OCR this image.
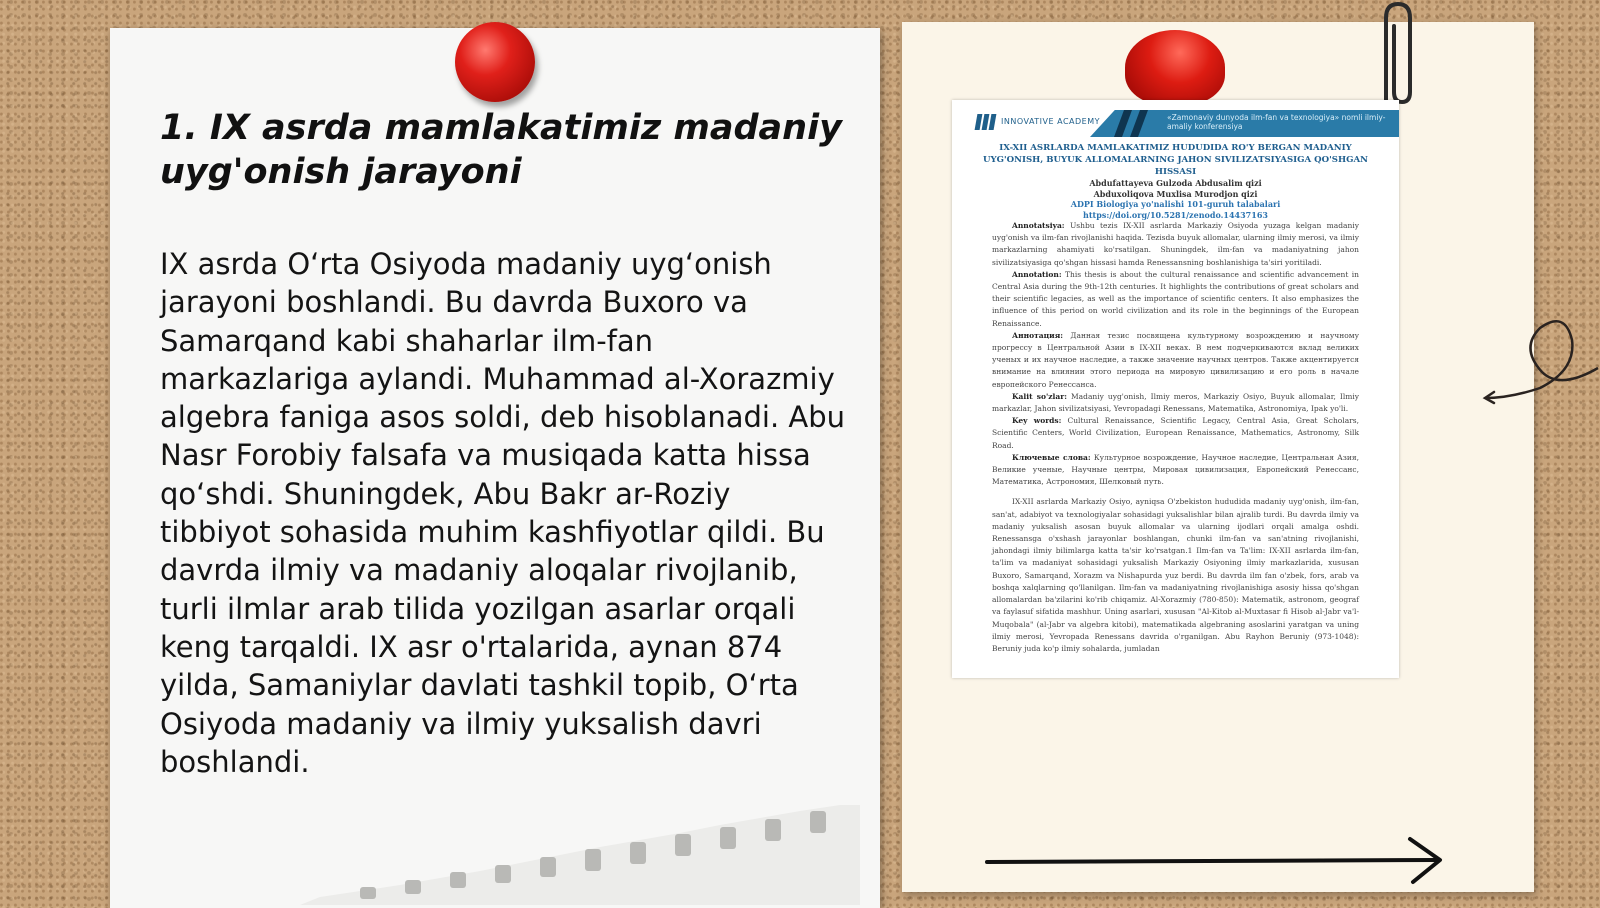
1. IX asrda mamlakatimiz madaniy uyg'onish jarayoni

IX asrda O‘rta Osiyoda madaniy uyg‘onish jarayoni boshlandi. Bu davrda Buxoro va Samarqand kabi shaharlar ilm-fan markazlariga aylandi. Muhammad al-Xorazmiy algebra faniga asos soldi, deb hisoblanadi. Abu Nasr Forobiy falsafa va musiqada katta hissa qo‘shdi. Shuningdek, Abu Bakr ar-Roziy tibbiyot sohasida muhim kashfiyotlar qildi. Bu davrda ilmiy va madaniy aloqalar rivojlanib, turli ilmlar arab tilida yozilgan asarlar orqali keng tarqaldi. IX asr o'rtalarida, aynan 874 yilda, Samaniylar davlati tashkil topib, O‘rta Osiyoda madaniy va ilmiy yuksalish davri boshlandi.

INNOVATIVE ACADEMY	«Zamonaviy dunyoda ilm-fan va texnologiya» nomli ilmiy-amaliy konferensiya
IX-XII ASRLARDA MAMLAKATIMIZ HUDUDIDA RO'Y BERGAN MADANIY UYG'ONISH, BUYUK ALLOMALARNING JAHON SIVILIZATSIYASIGA QO'SHGAN HISSASI
Abdufattayeva Gulzoda Abdusalim qizi
Abduxoliqova Muxlisa Murodjon qizi
ADPI Biologiya yo'nalishi 101-guruh talabalari
https://doi.org/10.5281/zenodo.14437163

Annotatsiya: Ushbu tezis IX-XII asrlarda Markaziy Osiyoda yuzaga kelgan madaniy uyg'onish va ilm-fan rivojlanishi haqida. Tezisda buyuk allomalar, ularning ilmiy merosi, va ilmiy markazlarning ahamiyati ko'rsatilgan. Shuningdek, ilm-fan va madaniyatning jahon sivilizatsiyasiga qo'shgan hissasi hamda Renessansning boshlanishiga ta'siri yoritiladi.

Annotation: This thesis is about the cultural renaissance and scientific advancement in Central Asia during the 9th-12th centuries. It highlights the contributions of great scholars and their scientific legacies, as well as the importance of scientific centers. It also emphasizes the influence of this period on world civilization and its role in the beginnings of the European Renaissance.

Аннотация: Данная тезис посвящена культурному возрождению и научному прогрессу в Центральной Азии в IX-XII веках. В нем подчеркиваются вклад великих ученых и их научное наследие, а также значение научных центров. Также акцентируется внимание на влиянии этого периода на мировую цивилизацию и его роль в начале европейского Ренессанса.

Kalit so'zlar: Madaniy uyg'onish, Ilmiy meros, Markaziy Osiyo, Buyuk allomalar, Ilmiy markazlar, Jahon sivilizatsiyasi, Yevropadagi Renessans, Matematika, Astronomiya, Ipak yo'li.

Key words: Cultural Renaissance, Scientific Legacy, Central Asia, Great Scholars, Scientific Centers, World Civilization, European Renaissance, Mathematics, Astronomy, Silk Road.

Ключевые слова: Культурное возрождение, Научное наследие, Центральная Азия, Великие ученые, Научные центры, Мировая цивилизация, Европейский Ренессанс, Математика, Астрономия, Шелковый путь.

IX-XII asrlarda Markaziy Osiyo, ayniqsa O'zbekiston hududida madaniy uyg'onish, ilm-fan, san'at, adabiyot va texnologiyalar sohasidagi yuksalishlar bilan ajralib turdi. Bu davrda ilmiy va madaniy yuksalish asosan buyuk allomalar va ularning ijodlari orqali amalga oshdi. Renessansga o'xshash jarayonlar boshlangan, chunki ilm-fan va san'atning rivojlanishi, jahondagi ilmiy bilimlarga katta ta'sir ko'rsatgan.1 Ilm-fan va Ta'lim: IX-XII asrlarda ilm-fan, ta'lim va madaniyat sohasidagi yuksalish Markaziy Osiyoning ilmiy markazlarida, xususan Buxoro, Samarqand, Xorazm va Nishapurda yuz berdi. Bu davrda ilm fan o'zbek, fors, arab va boshqa xalqlarning qo'llanilgan. Ilm-fan va madaniyatning rivojlanishiga asosiy hissa qo'shgan allomalardan ba'zilarini ko'rib chiqamiz. Al-Xorazmiy (780-850): Matematik, astronom, geograf va faylasuf sifatida mashhur. Uning asarlari, xususan "Al-Kitob al-Muxtasar fi Hisob al-Jabr va'l-Muqobala" (al-Jabr va algebra kitobi), matematikada algebraning asoslarini yaratgan va uning ilmiy merosi, Yevropada Renessans davrida o'rganilgan. Abu Rayhon Beruniy (973-1048): Beruniy juda ko'p ilmiy sohalarda, jumladan
